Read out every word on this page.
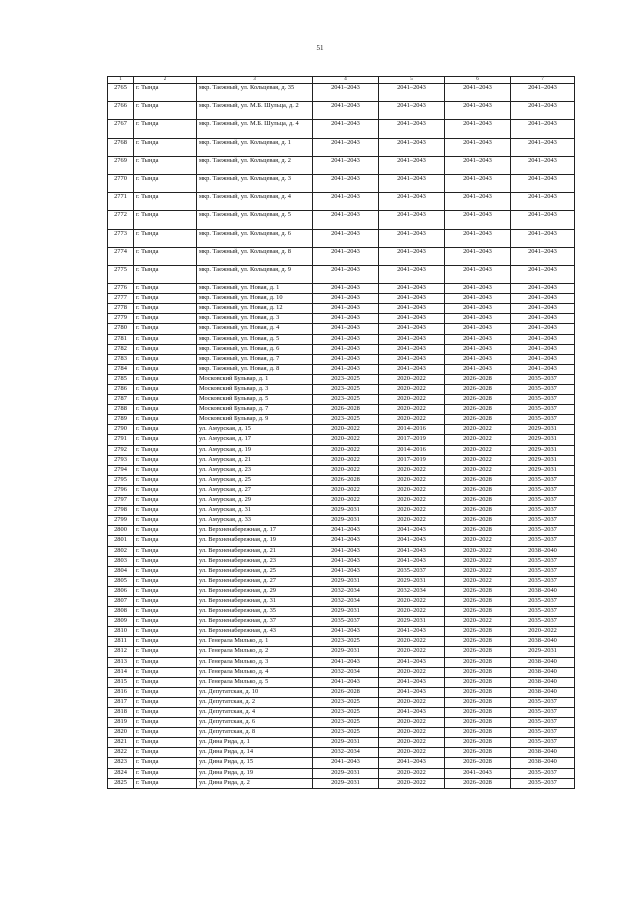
51
1	2	3	4	5	6	7
2765	г. Тында	мкр. Таежный, ул. Кольцевая, д. 35	2041–2043	2041–2043	2041–2043	2041–2043
2766	г. Тында	мкр. Таежный, ул. М.Б. Шульца, д. 2	2041–2043	2041–2043	2041–2043	2041–2043
2767	г. Тында	мкр. Таежный, ул. М.Б. Шульца, д. 4	2041–2043	2041–2043	2041–2043	2041–2043
2768	г. Тында	мкр. Таежный, ул. Кольцевая, д. 1	2041–2043	2041–2043	2041–2043	2041–2043
2769	г. Тында	мкр. Таежный, ул. Кольцевая, д. 2	2041–2043	2041–2043	2041–2043	2041–2043
2770	г. Тында	мкр. Таежный, ул. Кольцевая, д. 3	2041–2043	2041–2043	2041–2043	2041–2043
2771	г. Тында	мкр. Таежный, ул. Кольцевая, д. 4	2041–2043	2041–2043	2041–2043	2041–2043
2772	г. Тында	мкр. Таежный, ул. Кольцевая, д. 5	2041–2043	2041–2043	2041–2043	2041–2043
2773	г. Тында	мкр. Таежный, ул. Кольцевая, д. 6	2041–2043	2041–2043	2041–2043	2041–2043
2774	г. Тында	мкр. Таежный, ул. Кольцевая, д. 8	2041–2043	2041–2043	2041–2043	2041–2043
2775	г. Тында	мкр. Таежный, ул. Кольцевая, д. 9	2041–2043	2041–2043	2041–2043	2041–2043
2776	г. Тында	мкр. Таежный, ул. Новая, д. 1	2041–2043	2041–2043	2041–2043	2041–2043
2777	г. Тында	мкр. Таежный, ул. Новая, д. 10	2041–2043	2041–2043	2041–2043	2041–2043
2778	г. Тында	мкр. Таежный, ул. Новая, д. 12	2041–2043	2041–2043	2041–2043	2041–2043
2779	г. Тында	мкр. Таежный, ул. Новая, д. 3	2041–2043	2041–2043	2041–2043	2041–2043
2780	г. Тында	мкр. Таежный, ул. Новая, д. 4	2041–2043	2041–2043	2041–2043	2041–2043
2781	г. Тында	мкр. Таежный, ул. Новая, д. 5	2041–2043	2041–2043	2041–2043	2041–2043
2782	г. Тында	мкр. Таежный, ул. Новая, д. 6	2041–2043	2041–2043	2041–2043	2041–2043
2783	г. Тында	мкр. Таежный, ул. Новая, д. 7	2041–2043	2041–2043	2041–2043	2041–2043
2784	г. Тында	мкр. Таежный, ул. Новая, д. 8	2041–2043	2041–2043	2041–2043	2041–2043
2785	г. Тында	Московский Бульвар, д. 1	2023–2025	2020–2022	2026–2028	2035–2037
2786	г. Тында	Московский Бульвар, д. 3	2023–2025	2020–2022	2026–2028	2035–2037
2787	г. Тында	Московский Бульвар, д. 5	2023–2025	2020–2022	2026–2028	2035–2037
2788	г. Тында	Московский Бульвар, д. 7	2026–2028	2020–2022	2026–2028	2035–2037
2789	г. Тында	Московский Бульвар, д. 9	2023–2025	2020–2022	2026–2028	2035–2037
2790	г. Тында	ул. Амурская, д. 15	2020–2022	2014–2016	2020–2022	2029–2031
2791	г. Тында	ул. Амурская, д. 17	2020–2022	2017–2019	2020–2022	2029–2031
2792	г. Тында	ул. Амурская, д. 19	2020–2022	2014–2016	2020–2022	2029–2031
2793	г. Тында	ул. Амурская, д. 21	2020–2022	2017–2019	2020–2022	2029–2031
2794	г. Тында	ул. Амурская, д. 23	2020–2022	2020–2022	2020–2022	2029–2031
2795	г. Тында	ул. Амурская, д. 25	2026–2028	2020–2022	2026–2028	2035–2037
2796	г. Тында	ул. Амурская, д. 27	2020–2022	2020–2022	2026–2028	2035–2037
2797	г. Тында	ул. Амурская, д. 29	2020–2022	2020–2022	2026–2028	2035–2037
2798	г. Тында	ул. Амурская, д. 31	2029–2031	2020–2022	2026–2028	2035–2037
2799	г. Тында	ул. Амурская, д. 33	2029–2031	2020–2022	2026–2028	2035–2037
2800	г. Тында	ул. Верхненабережная, д. 17	2041–2043	2041–2043	2026–2028	2035–2037
2801	г. Тында	ул. Верхненабережная, д. 19	2041–2043	2041–2043	2020–2022	2035–2037
2802	г. Тында	ул. Верхненабережная, д. 21	2041–2043	2041–2043	2020–2022	2038–2040
2803	г. Тында	ул. Верхненабережная, д. 23	2041–2043	2041–2043	2020–2022	2035–2037
2804	г. Тында	ул. Верхненабережная, д. 25	2041–2043	2035–2037	2020–2022	2035–2037
2805	г. Тында	ул. Верхненабережная, д. 27	2029–2031	2029–2031	2020–2022	2035–2037
2806	г. Тында	ул. Верхненабережная, д. 29	2032–2034	2032–2034	2026–2028	2038–2040
2807	г. Тында	ул. Верхненабережная, д. 31	2032–2034	2020–2022	2026–2028	2035–2037
2808	г. Тында	ул. Верхненабережная, д. 35	2029–2031	2020–2022	2026–2028	2035–2037
2809	г. Тында	ул. Верхненабережная, д. 37	2035–2037	2029–2031	2020–2022	2035–2037
2810	г. Тында	ул. Верхненабережная, д. 43	2041–2043	2041–2043	2026–2028	2020–2022
2811	г. Тында	ул. Генерала Милько, д. 1	2023–2025	2020–2022	2026–2028	2038–2040
2812	г. Тында	ул. Генерала Милько, д. 2	2029–2031	2020–2022	2026–2028	2029–2031
2813	г. Тында	ул. Генерала Милько, д. 3	2041–2043	2041–2043	2026–2028	2038–2040
2814	г. Тында	ул. Генерала Милько, д. 4	2032–2034	2020–2022	2026–2028	2038–2040
2815	г. Тында	ул. Генерала Милько, д. 5	2041–2043	2041–2043	2026–2028	2038–2040
2816	г. Тында	ул. Депутатская, д. 10	2026–2028	2041–2043	2026–2028	2038–2040
2817	г. Тында	ул. Депутатская, д. 2	2023–2025	2020–2022	2026–2028	2035–2037
2818	г. Тында	ул. Депутатская, д. 4	2023–2025	2041–2043	2026–2028	2035–2037
2819	г. Тында	ул. Депутатская, д. 6	2023–2025	2020–2022	2026–2028	2035–2037
2820	г. Тында	ул. Депутатская, д. 8	2023–2025	2020–2022	2026–2028	2035–2037
2821	г. Тында	ул. Дина Рида, д. 1	2029–2031	2020–2022	2026–2028	2035–2037
2822	г. Тында	ул. Дина Рида, д. 14	2032–2034	2020–2022	2026–2028	2038–2040
2823	г. Тында	ул. Дина Рида, д. 15	2041–2043	2041–2043	2026–2028	2038–2040
2824	г. Тында	ул. Дина Рида, д. 19	2029–2031	2020–2022	2041–2043	2035–2037
2825	г. Тында	ул. Дина Рида, д. 2	2029–2031	2020–2022	2026–2028	2035–2037
